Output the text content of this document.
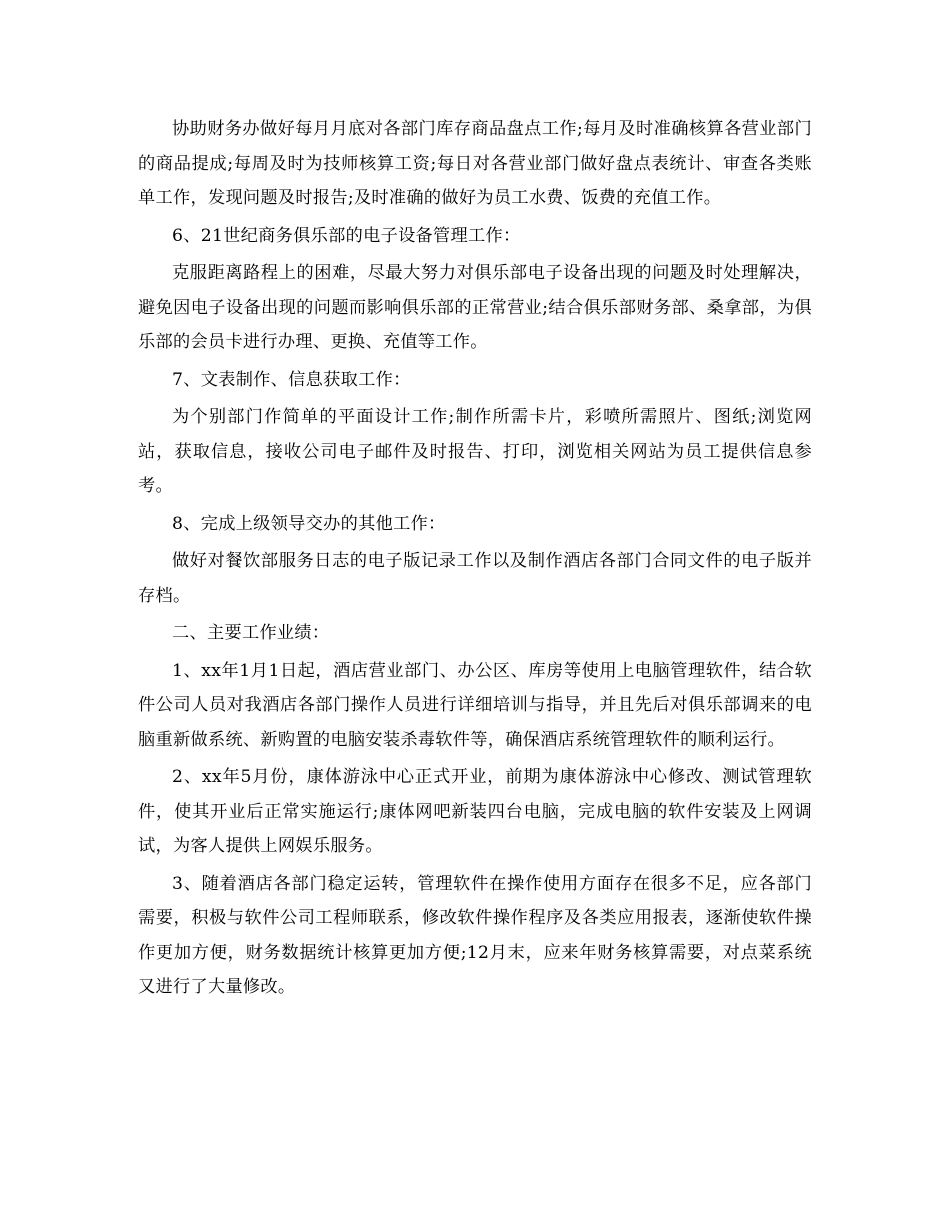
协助财务办做好每月月底对各部门库存商品盘点工作;每月及时准确核算各营业部门的商品提成;每周及时为技师核算工资;每日对各营业部门做好盘点表统计、审查各类账单工作，发现问题及时报告;及时准确的做好为员工水费、饭费的充值工作。

6、21世纪商务俱乐部的电子设备管理工作：

克服距离路程上的困难，尽最大努力对俱乐部电子设备出现的问题及时处理解决，避免因电子设备出现的问题而影响俱乐部的正常营业;结合俱乐部财务部、桑拿部，为俱乐部的会员卡进行办理、更换、充值等工作。

7、文表制作、信息获取工作：

为个别部门作简单的平面设计工作;制作所需卡片，彩喷所需照片、图纸;浏览网站，获取信息，接收公司电子邮件及时报告、打印，浏览相关网站为员工提供信息参考。

8、完成上级领导交办的其他工作：

做好对餐饮部服务日志的电子版记录工作以及制作酒店各部门合同文件的电子版并存档。

二、主要工作业绩：

1、xx年1月1日起，酒店营业部门、办公区、库房等使用上电脑管理软件，结合软件公司人员对我酒店各部门操作人员进行详细培训与指导，并且先后对俱乐部调来的电脑重新做系统、新购置的电脑安装杀毒软件等，确保酒店系统管理软件的顺利运行。

2、xx年5月份，康体游泳中心正式开业，前期为康体游泳中心修改、测试管理软件，使其开业后正常实施运行;康体网吧新装四台电脑，完成电脑的软件安装及上网调试，为客人提供上网娱乐服务。

3、随着酒店各部门稳定运转，管理软件在操作使用方面存在很多不足，应各部门需要，积极与软件公司工程师联系，修改软件操作程序及各类应用报表，逐渐使软件操作更加方便，财务数据统计核算更加方便;12月末，应来年财务核算需要，对点菜系统又进行了大量修改。
